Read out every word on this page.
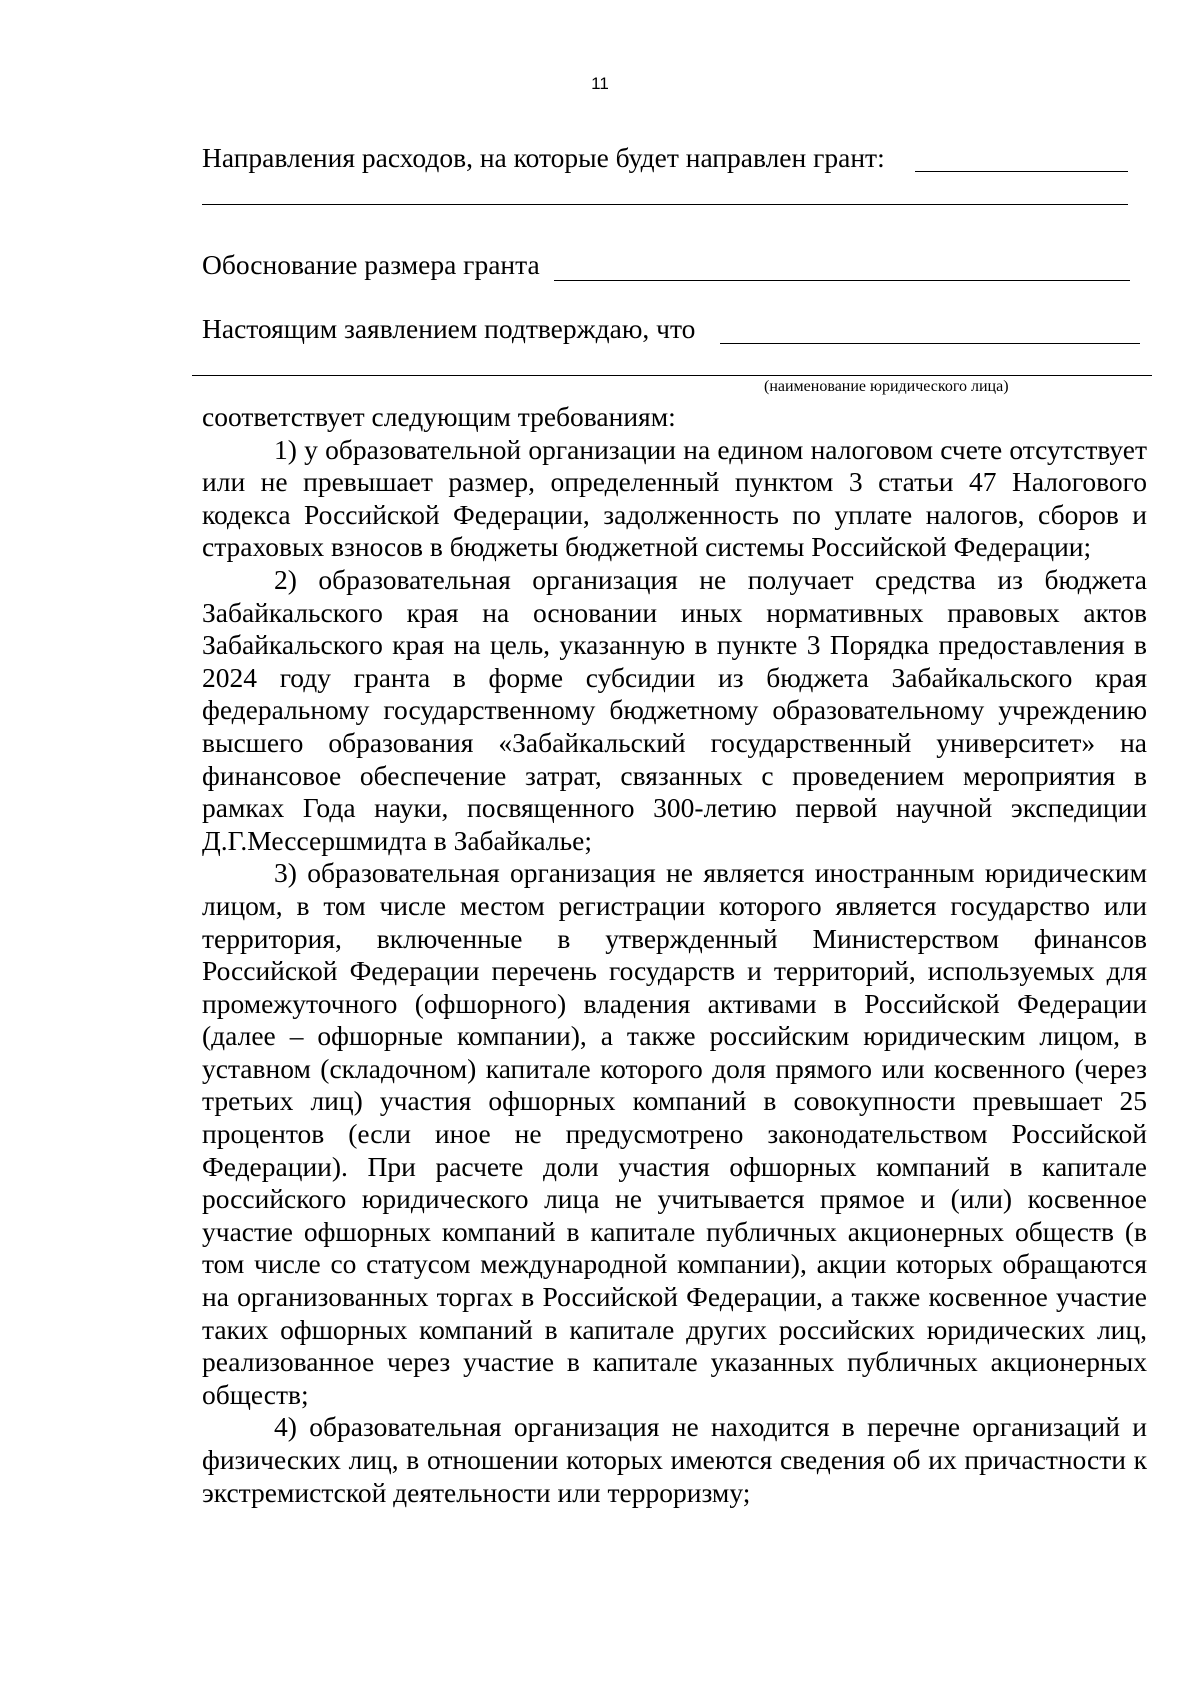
11
Направления расходов, на которые будет направлен грант:
Обоснование размера гранта
Настоящим заявлением подтверждаю, что
(наименование юридического лица)

соответствует следующим требованиям:

1) у образовательной организации на едином налоговом счете отсутствует или не превышает размер, определенный пунктом 3 статьи 47 Налогового кодекса Российской Федерации, задолженность по уплате налогов, сборов и страховых взносов в бюджеты бюджетной системы Российской Федерации;

2) образовательная организация не получает средства из бюджета Забайкальского края на основании иных нормативных правовых актов Забайкальского края на цель, указанную в пункте 3 Порядка предоставления в 2024 году гранта в форме субсидии из бюджета Забайкальского края федеральному государственному бюджетному образовательному учреждению высшего образования «Забайкальский государственный университет» на финансовое обеспечение затрат, связанных с проведением мероприятия в рамках Года науки, посвященного 300-летию первой научной экспедиции Д.Г.Мессершмидта в Забайкалье;

3) образовательная организация не является иностранным юридическим лицом, в том числе местом регистрации которого является государство или территория, включенные в утвержденный Министерством финансов Российской Федерации перечень государств и территорий, используемых для промежуточного (офшорного) владения активами в Российской Федерации (далее – офшорные компании), а также российским юридическим лицом, в уставном (складочном) капитале которого доля прямого или косвенного (через третьих лиц) участия офшорных компаний в совокупности превышает 25 процентов (если иное не предусмотрено законодательством Российской Федерации). При расчете доли участия офшорных компаний в капитале российского юридического лица не учитывается прямое и (или) косвенное участие офшорных компаний в капитале публичных акционерных обществ (в том числе со статусом международной компании), акции которых обращаются на организованных торгах в Российской Федерации, а также косвенное участие таких офшорных компаний в капитале других российских юридических лиц, реализованное через участие в капитале указанных публичных акционерных обществ;

4) образовательная организация не находится в перечне организаций и физических лиц, в отношении которых имеются сведения об их причастности к экстремистской деятельности или терроризму;
